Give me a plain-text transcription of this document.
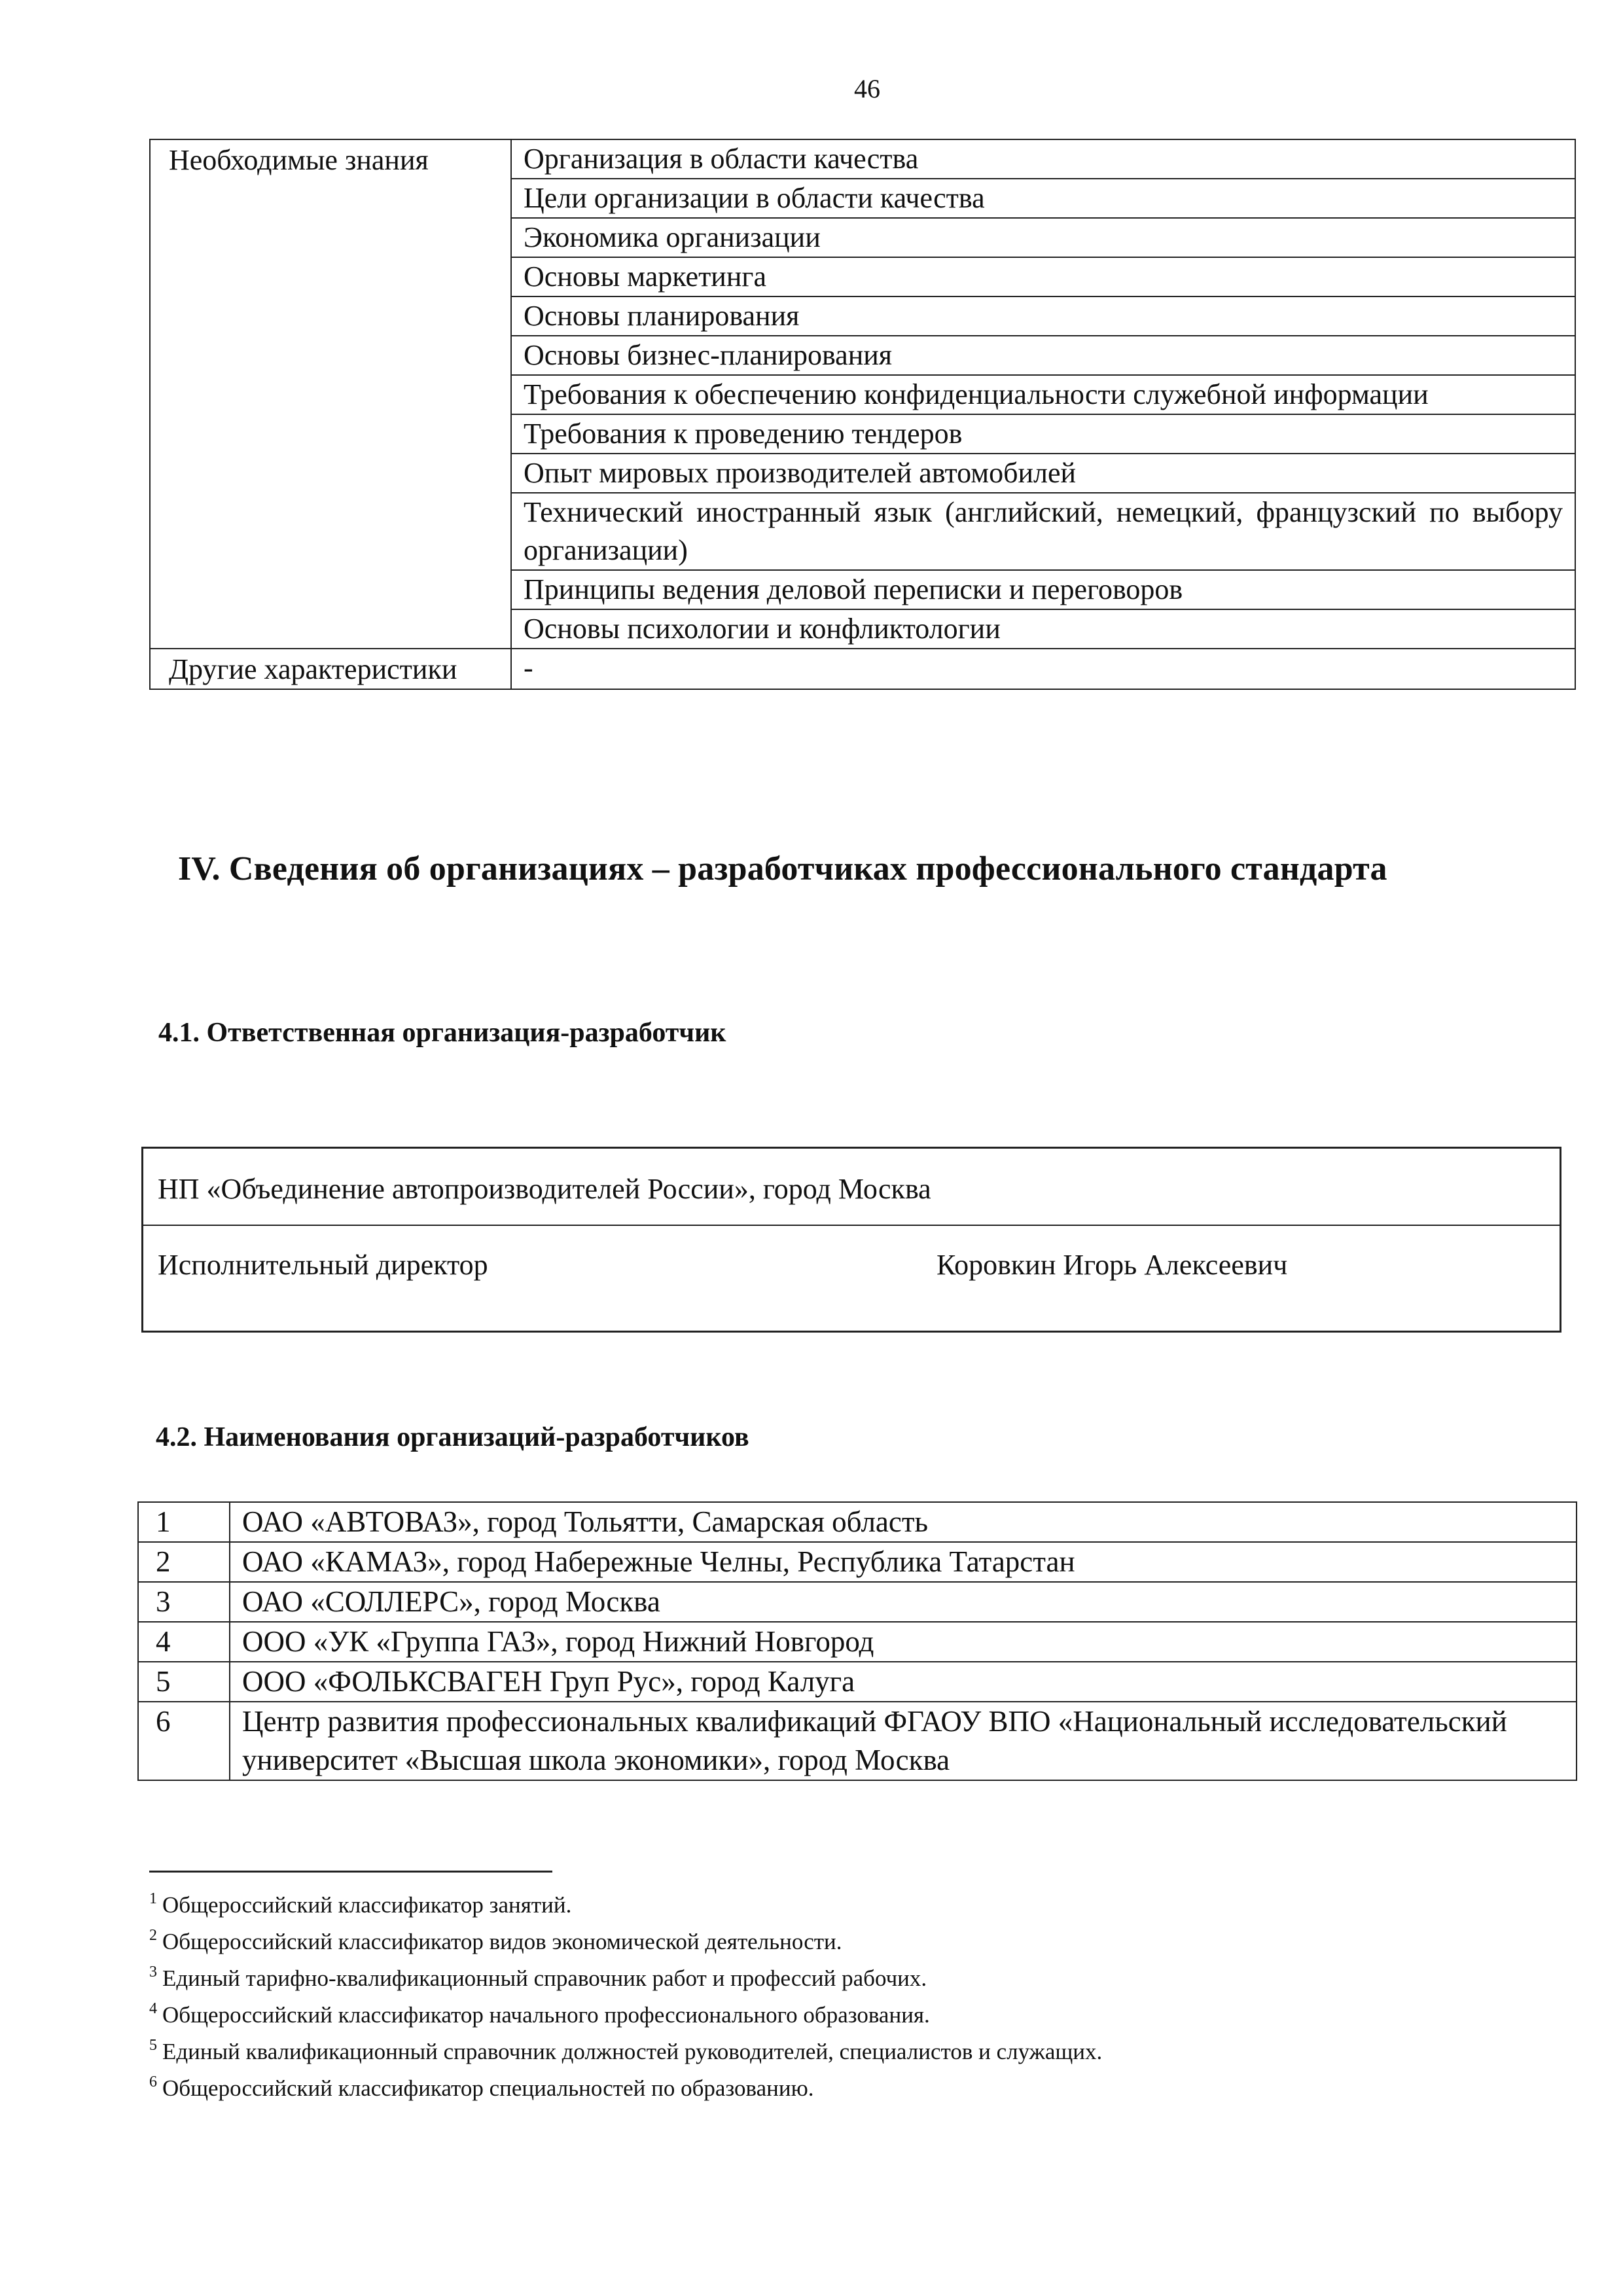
46
Необходимые знания	Организация в области качества
	Цели организации в области качества
	Экономика организации
	Основы маркетинга
	Основы планирования
	Основы бизнес-планирования
	Требования к обеспечению конфиденциальности служебной информации
	Требования к проведению тендеров
	Опыт мировых производителей автомобилей
	Технический иностранный язык (английский, немецкий, французский по выбору организации)
	Принципы ведения деловой переписки и переговоров
	Основы психологии и конфликтологии
Другие характеристики	-
IV. Сведения об организациях – разработчиках профессионального стандарта
4.1. Ответственная организация-разработчик
НП «Объединение автопроизводителей России», город Москва
Исполнительный директор	Коровкин Игорь Алексеевич
4.2. Наименования организаций-разработчиков
1	ОАО «АВТОВАЗ», город Тольятти, Самарская область
2	ОАО «КАМАЗ», город Набережные Челны, Республика Татарстан
3	ОАО «СОЛЛЕРС», город Москва
4	ООО «УК «Группа ГАЗ», город Нижний Новгород
5	ООО «ФОЛЬКСВАГЕН Груп Рус», город Калуга
6	Центр развития профессиональных квалификаций ФГАОУ ВПО «Национальный исследовательский университет «Высшая школа экономики», город Москва
$^1$ Общероссийский классификатор занятий.
$^2$ Общероссийский классификатор видов экономической деятельности.
$^3$ Единый тарифно-квалификационный справочник работ и профессий рабочих.
$^4$ Общероссийский классификатор начального профессионального образования.
$^5$ Единый квалификационный справочник должностей руководителей, специалистов и служащих.
$^6$ Общероссийский классификатор специальностей по образованию.
